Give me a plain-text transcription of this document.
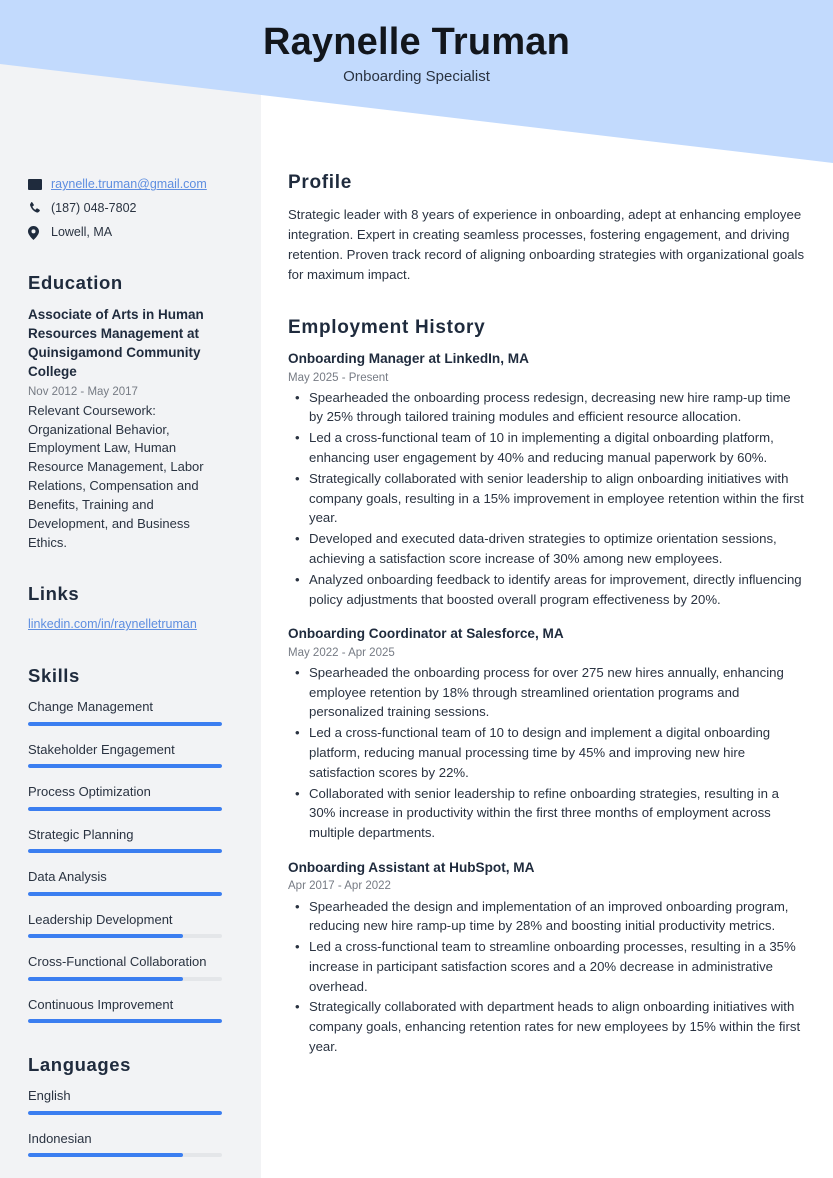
Raynelle Truman
Onboarding Specialist
raynelle.truman@gmail.com
(187) 048-7802
Lowell, MA
Education
Associate of Arts in Human Resources Management at Quinsigamond Community College
Nov 2012 - May 2017
Relevant Coursework: Organizational Behavior, Employment Law, Human Resource Management, Labor Relations, Compensation and Benefits, Training and Development, and Business Ethics.
Links
linkedin.com/in/raynelletruman
Skills
Change Management
Stakeholder Engagement
Process Optimization
Strategic Planning
Data Analysis
Leadership Development
Cross-Functional Collaboration
Continuous Improvement
Languages
English
Indonesian
Profile
Strategic leader with 8 years of experience in onboarding, adept at enhancing employee integration. Expert in creating seamless processes, fostering engagement, and driving retention. Proven track record of aligning onboarding strategies with organizational goals for maximum impact.
Employment History
Onboarding Manager at LinkedIn, MA
May 2025 - Present
• Spearheaded the onboarding process redesign, decreasing new hire ramp-up time by 25% through tailored training modules and efficient resource allocation.
• Led a cross-functional team of 10 in implementing a digital onboarding platform, enhancing user engagement by 40% and reducing manual paperwork by 60%.
• Strategically collaborated with senior leadership to align onboarding initiatives with company goals, resulting in a 15% improvement in employee retention within the first year.
• Developed and executed data-driven strategies to optimize orientation sessions, achieving a satisfaction score increase of 30% among new employees.
• Analyzed onboarding feedback to identify areas for improvement, directly influencing policy adjustments that boosted overall program effectiveness by 20%.
Onboarding Coordinator at Salesforce, MA
May 2022 - Apr 2025
• Spearheaded the onboarding process for over 275 new hires annually, enhancing employee retention by 18% through streamlined orientation programs and personalized training sessions.
• Led a cross-functional team of 10 to design and implement a digital onboarding platform, reducing manual processing time by 45% and improving new hire satisfaction scores by 22%.
• Collaborated with senior leadership to refine onboarding strategies, resulting in a 30% increase in productivity within the first three months of employment across multiple departments.
Onboarding Assistant at HubSpot, MA
Apr 2017 - Apr 2022
• Spearheaded the design and implementation of an improved onboarding program, reducing new hire ramp-up time by 28% and boosting initial productivity metrics.
• Led a cross-functional team to streamline onboarding processes, resulting in a 35% increase in participant satisfaction scores and a 20% decrease in administrative overhead.
• Strategically collaborated with department heads to align onboarding initiatives with company goals, enhancing retention rates for new employees by 15% within the first year.
